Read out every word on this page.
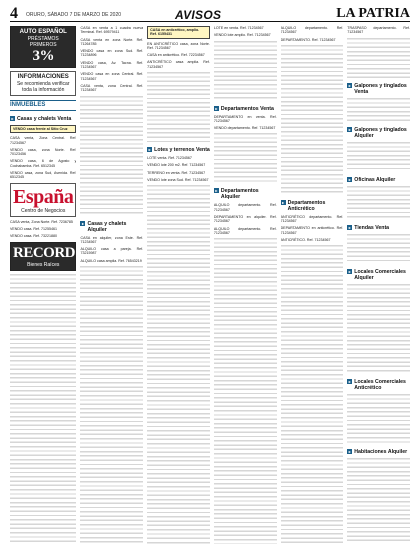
4 ORURO, SÁBADO 7 DE MARZO DE 2020	AVISOS	LA PATRIA
AUTO ESPAÑOL
PRÉSTAMOS
PRIMEROS
3%
INFORMACIONES
Se recomienda verificar toda la información
INMUEBLES
▸ Casas y chalets Venta
VENDO casa frente al Sitio Cruz
CASA venta, Zona Central. Ref. 71234567
VENDO casa, zona Norte. Ref. 70123456
VENDO casa, 6 de Agosto y Cochabamba. Ref. 6512345
VENDO casa, zona Sud, Avenida. Ref. 6512345
España
Centro de Negocios
CASA venta, Zona Norte. Ref. 7236785
VENDO casa. Ref. 71255461
VENDO casa. Ref. 73221880
RECORD
Bienes Raíces
CASA en venta a 1 cuadra nueva Terminal. Ref. 69579411
CASA venta en zona Norte. Ref. 71264785
VENDO casa en zona Sud. Ref. 71234896
VENDO casa, Av. Tacna. Ref. 71234567
VENDO casa en zona Central. Ref. 71234567
CASA venta, zona Central. Ref. 71234567
▸ Casas y chalets Alquiler
CASA en alquiler, zona Este. Ref. 71234567
ALQUILO casa a pareja. Ref. 73215987
ALQUILO casa amplia. Ref. 76543219
CASA en anticrético, amplio. Ref. 6155431
EN ANTICRÉTICO casa, zona Norte. Ref. 71234567
CASA en anticrético. Ref. 72234567
ANTICRÉTICO casa amplia. Ref. 71234567
▸ Lotes y terrenos Venta
LOTE venta. Ref. 71234567
VENDO lote 200 m2. Ref. 71234567
TERRENO en venta. Ref. 71234567
VENDO lote zona Sud. Ref. 71234567
LOTE en venta. Ref. 71234567
VENDO lote amplio. Ref. 71234567
▸ Departamentos Venta
DEPARTAMENTO en venta. Ref. 71234567
VENDO departamento. Ref. 71234567
▸ Departamentos Alquiler
ALQUILO departamento. Ref. 71234567
DEPARTAMENTO en alquiler. Ref. 71234567
ALQUILO departamento. Ref. 71234567
ALQUILO departamento. Ref. 71234567
DEPARTAMENTO. Ref. 71234567
▸ Departamentos Anticrético
ANTICRÉTICO departamento. Ref. 71234567
DEPARTAMENTO en anticrético. Ref. 71234567
ANTICRÉTICO. Ref. 71234567
TRASPASO departamento. Ref. 71234567
▸ Galpones y tinglados Venta
▸ Galpones y tinglados Alquiler
▸ Oficinas Alquiler
▸ Tiendas Venta
▸ Locales Comerciales Alquiler
▸ Locales Comerciales Anticrético
▸ Habitaciones Alquiler
